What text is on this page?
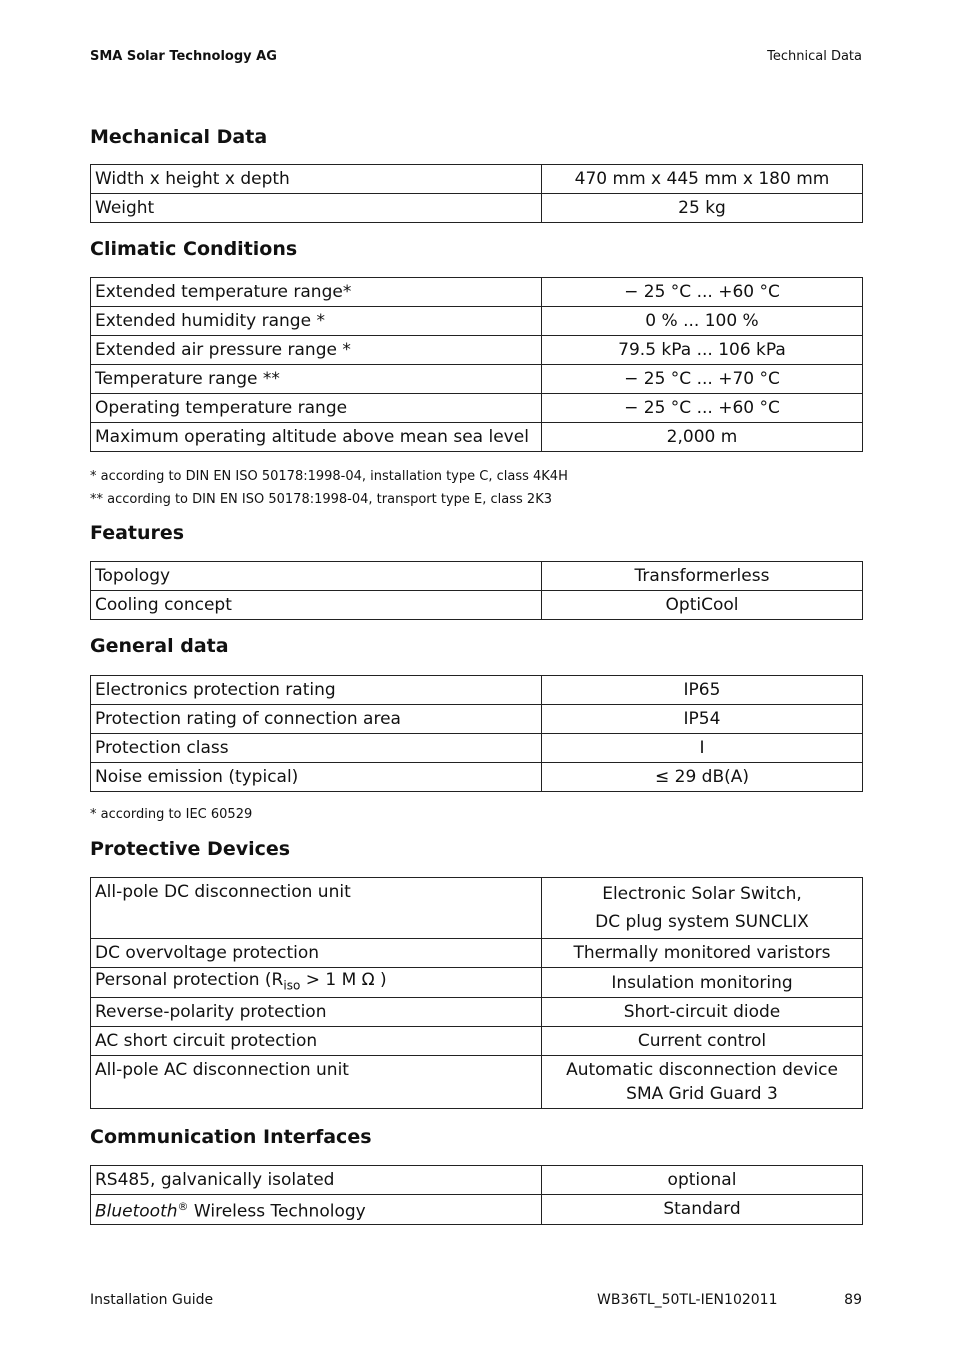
SMA Solar Technology AG	Technical Data
Mechanical Data
Width x height x depth	470 mm x 445 mm x 180 mm
Weight	25 kg
Climatic Conditions
Extended temperature range*	− 25 °C ... +60 °C
Extended humidity range *	0 % ... 100 %
Extended air pressure range *	79.5 kPa ... 106 kPa
Temperature range **	− 25 °C ... +70 °C
Operating temperature range	− 25 °C ... +60 °C
Maximum operating altitude above mean sea level	2,000 m
* according to DIN EN ISO 50178:1998-04, installation type C, class 4K4H
** according to DIN EN ISO 50178:1998-04, transport type E, class 2K3
Features
Topology	Transformerless
Cooling concept	OptiCool
General data
Electronics protection rating	IP65
Protection rating of connection area	IP54
Protection class	I
Noise emission (typical)	≤ 29 dB(A)
* according to IEC 60529
Protective Devices
All-pole DC disconnection unit	Electronic Solar Switch,
DC plug system SUNCLIX

DC overvoltage protection	Thermally monitored varistors
Personal protection ($R_{iso} > 1$ M Ω )	Insulation monitoring
Reverse-polarity protection	Short-circuit diode
AC short circuit protection	Current control
All-pole AC disconnection unit	Automatic disconnection device
SMA Grid Guard 3
Communication Interfaces
RS485, galvanically isolated	optional
Bluetooth® Wireless Technology	Standard
Installation Guide	WB36TL_50TL-IEN102011	89
